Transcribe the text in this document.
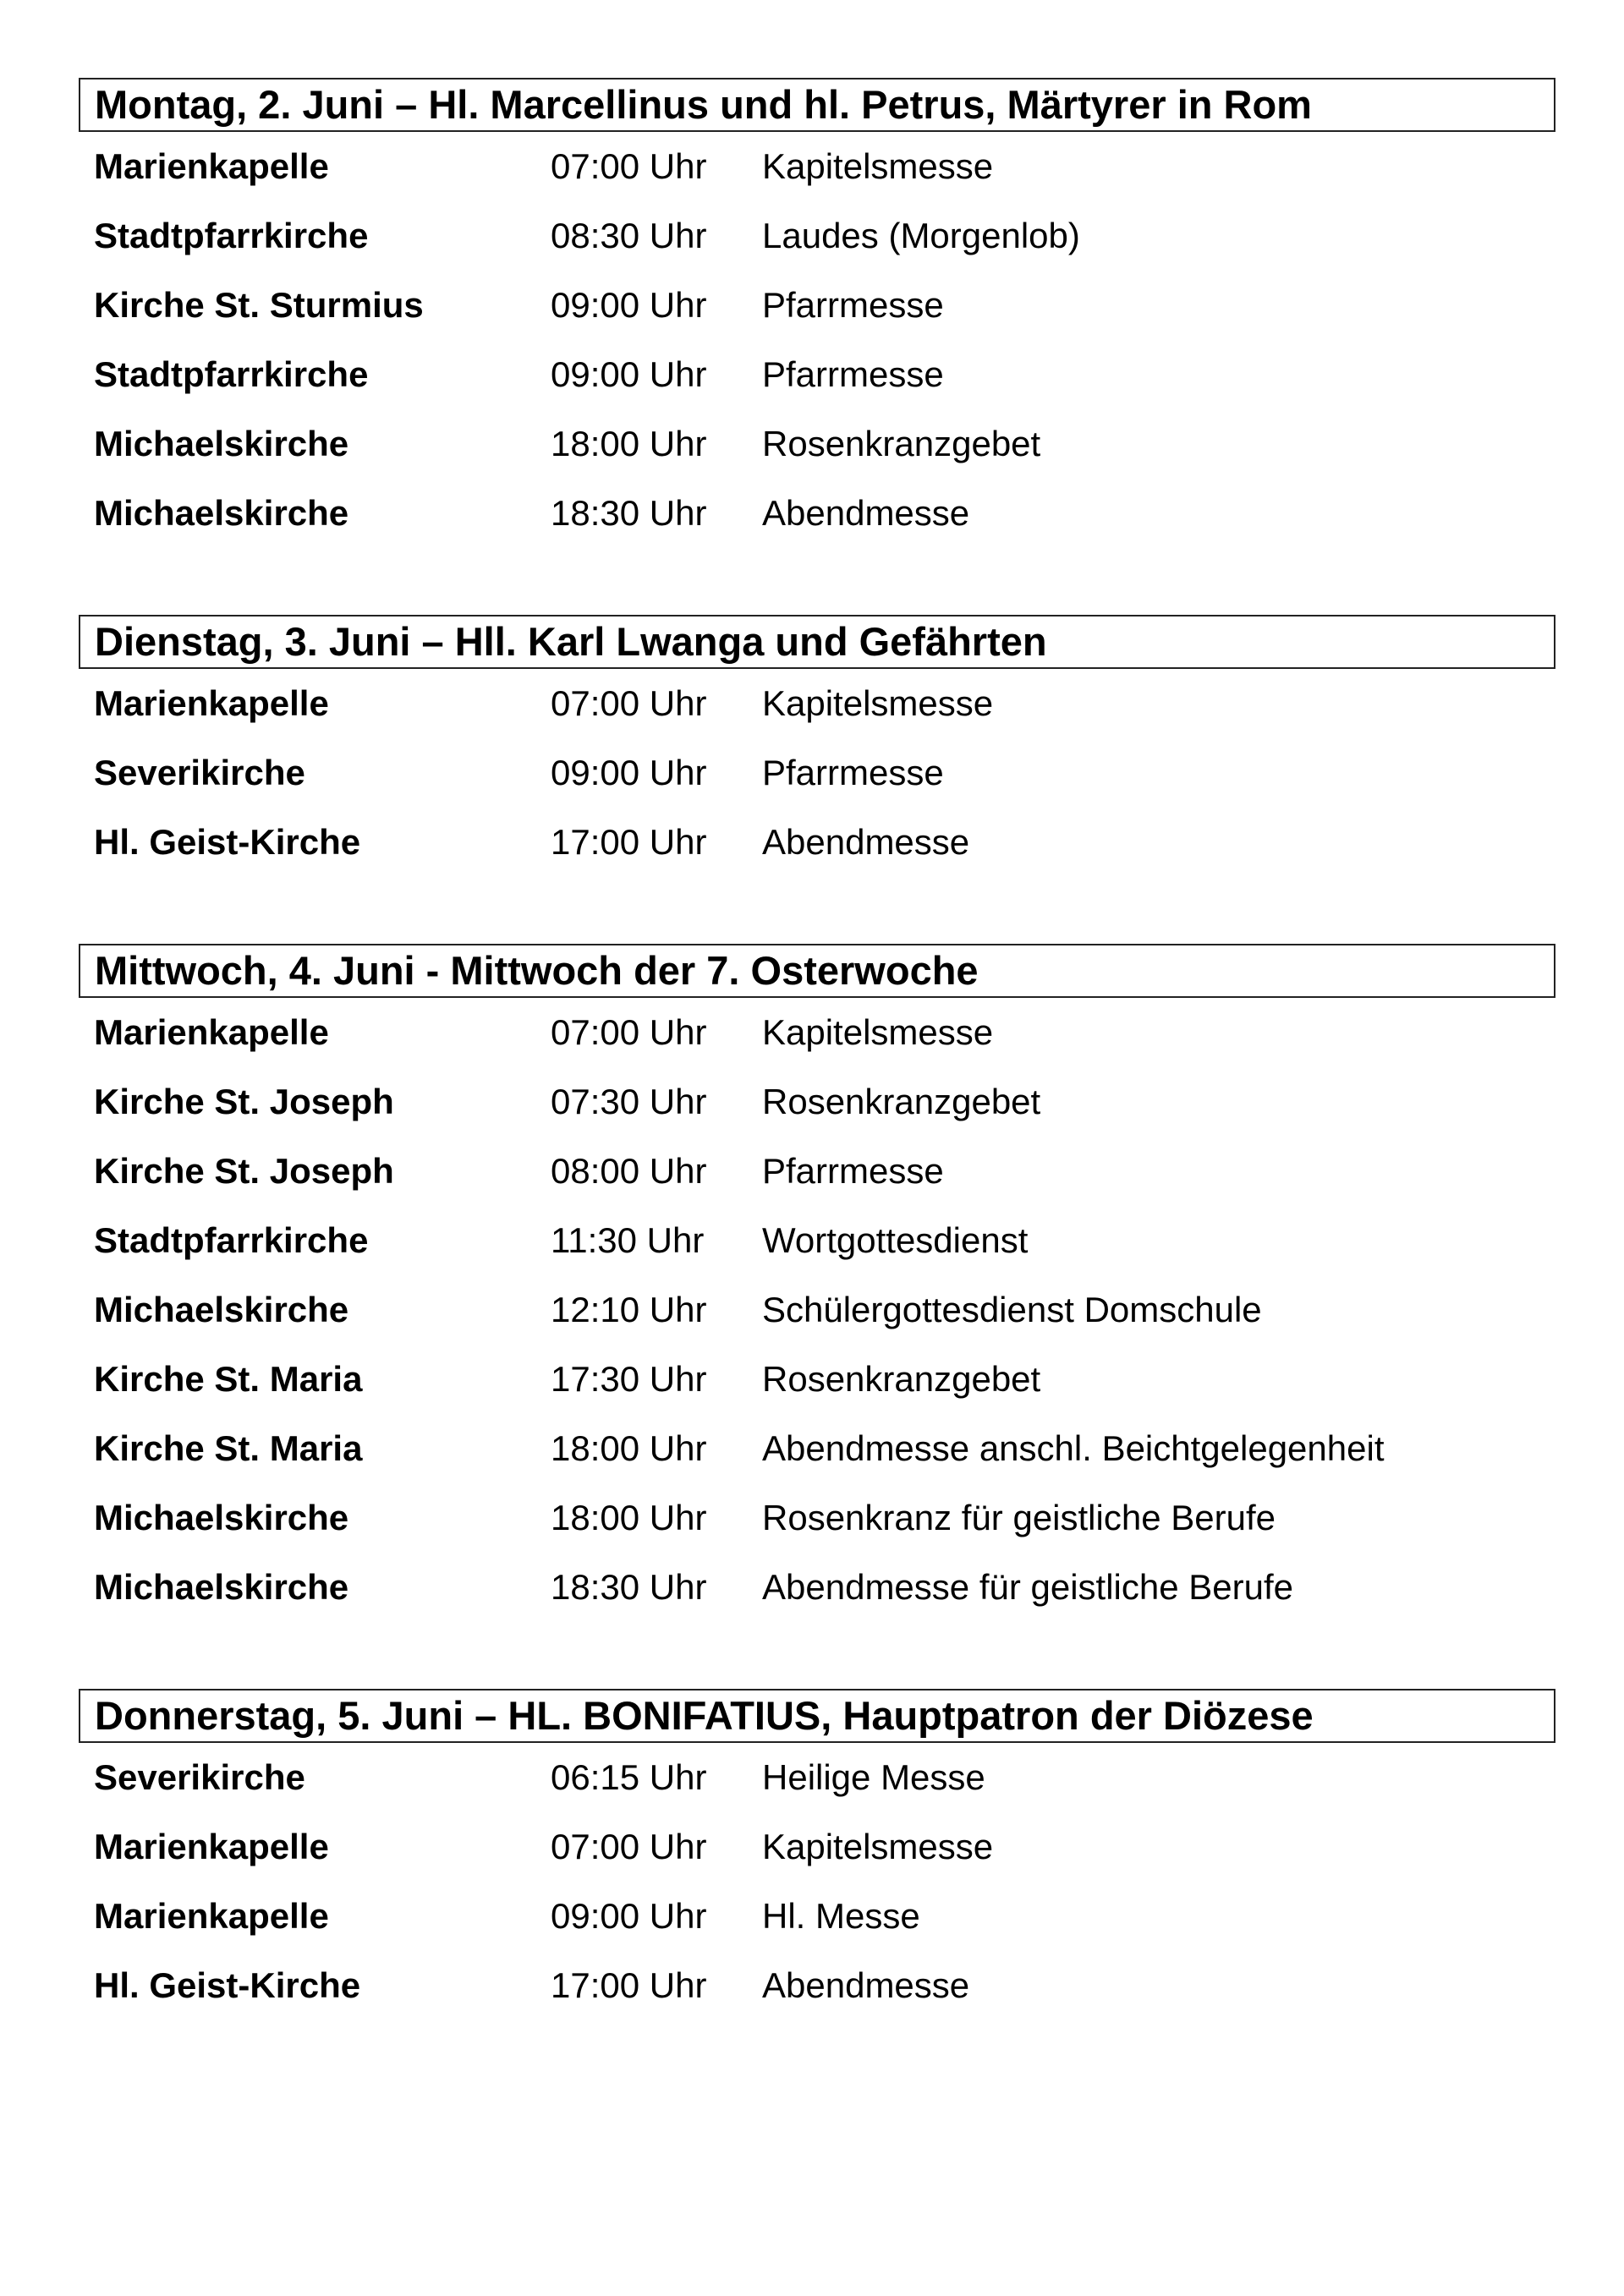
Montag, 2. Juni – Hl. Marcellinus und hl. Petrus, Märtyrer in Rom
Marienkapelle	07:00 Uhr Kapitelsmesse
Stadtpfarrkirche	08:30 Uhr Laudes (Morgenlob)
Kirche St. Sturmius	09:00 Uhr Pfarrmesse
Stadtpfarrkirche	09:00 Uhr Pfarrmesse
Michaelskirche	18:00 Uhr Rosenkranzgebet
Michaelskirche	18:30 Uhr Abendmesse
Dienstag, 3. Juni – Hll. Karl Lwanga und Gefährten
Marienkapelle	07:00 Uhr Kapitelsmesse
Severikirche	09:00 Uhr Pfarrmesse
Hl. Geist-Kirche	17:00 Uhr Abendmesse
Mittwoch, 4. Juni - Mittwoch der 7. Osterwoche
Marienkapelle	07:00 Uhr Kapitelsmesse
Kirche St. Joseph	07:30 Uhr Rosenkranzgebet
Kirche St. Joseph	08:00 Uhr Pfarrmesse
Stadtpfarrkirche	11:30 Uhr Wortgottesdienst
Michaelskirche	12:10 Uhr Schülergottesdienst Domschule
Kirche St. Maria	17:30 Uhr Rosenkranzgebet
Kirche St. Maria	18:00 Uhr Abendmesse anschl. Beichtgelegenheit
Michaelskirche	18:00 Uhr Rosenkranz für geistliche Berufe
Michaelskirche	18:30 Uhr Abendmesse für geistliche Berufe
Donnerstag, 5. Juni – HL. BONIFATIUS, Hauptpatron der Diözese
Severikirche	06:15 Uhr Heilige Messe
Marienkapelle	07:00 Uhr Kapitelsmesse
Marienkapelle	09:00 Uhr Hl. Messe
Hl. Geist-Kirche	17:00 Uhr Abendmesse
